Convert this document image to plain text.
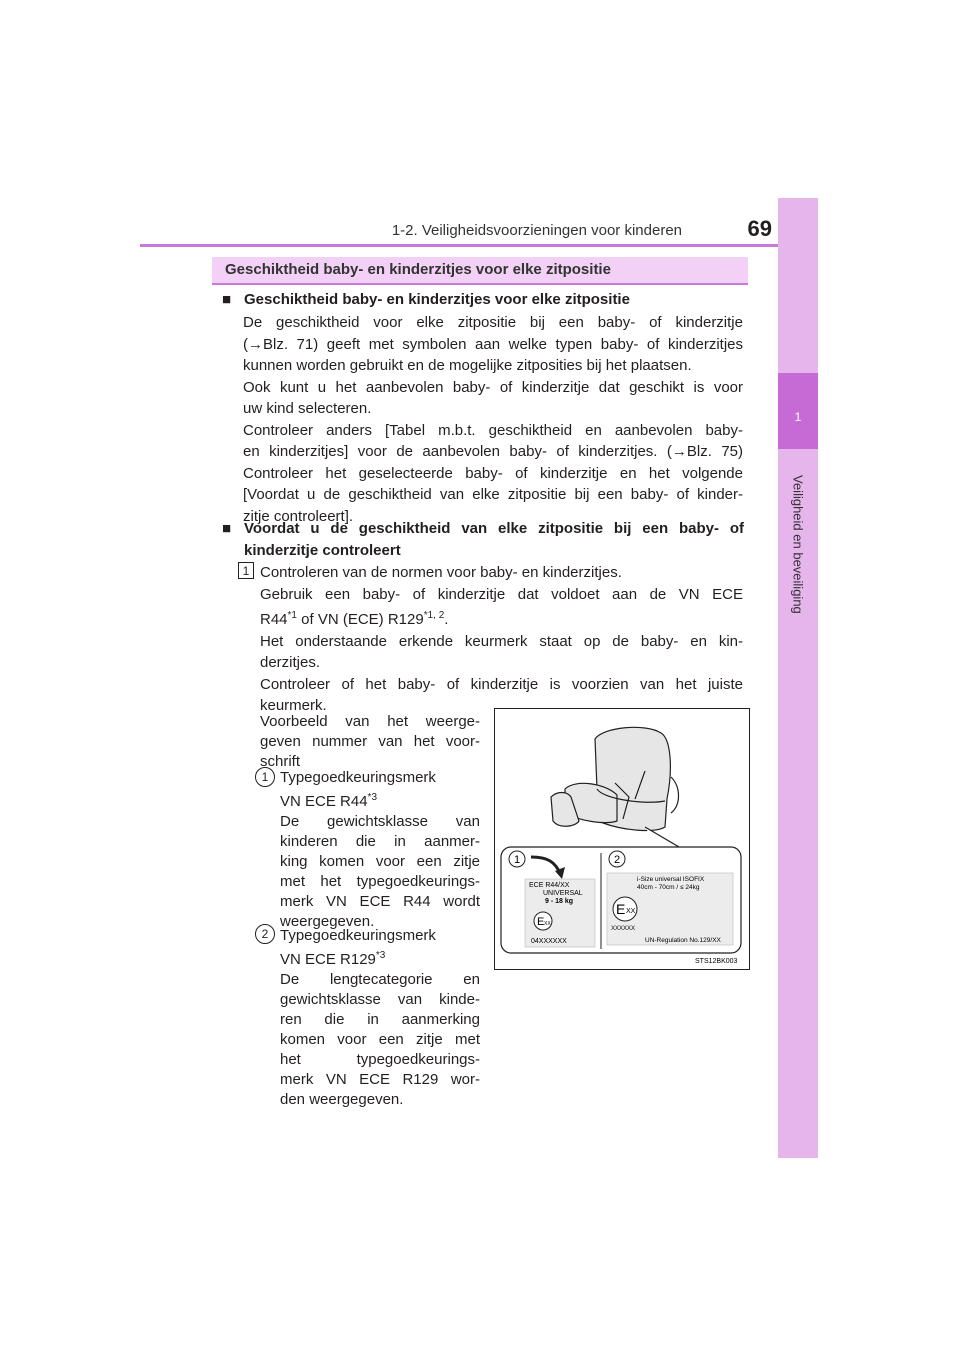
1-2. Veiligheidsvoorzieningen voor kinderen	69
1
Veiligheid en beveiliging
Geschiktheid baby- en kinderzitjes voor elke zitpositie
■ Geschiktheid baby- en kinderzitjes voor elke zitpositie
De geschiktheid voor elke zitpositie bij een baby- of kinderzitje
(→Blz. 71) geeft met symbolen aan welke typen baby- of kinderzitjes
kunnen worden gebruikt en de mogelijke zitposities bij het plaatsen.
Ook kunt u het aanbevolen baby- of kinderzitje dat geschikt is voor
uw kind selecteren.
Controleer anders [Tabel m.b.t. geschiktheid en aanbevolen baby-
en kinderzitjes] voor de aanbevolen baby- of kinderzitjes. (→Blz. 75)
Controleer het geselecteerde baby- of kinderzitje en het volgende
[Voordat u de geschiktheid van elke zitpositie bij een baby- of kinder-
zitje controleert].
■ Voordat u de geschiktheid van elke zitpositie bij een baby- of
kinderzitje controleert
1 Controleren van de normen voor baby- en kinderzitjes.
Gebruik een baby- of kinderzitje dat voldoet aan de VN ECE
R44$^{*1}$ of VN (ECE) R129$^{*1, 2}$.
Het onderstaande erkende keurmerk staat op de baby- en kin-
derzitjes.
Controleer of het baby- of kinderzitje is voorzien van het juiste
keurmerk.
Voorbeeld van het weerge-
geven nummer van het voor-
schrift
1 Typegoedkeuringsmerk
VN ECE R44$^{*3}$
De gewichtsklasse van
kinderen die in aanmer-
king komen voor een zitje
met het typegoedkeurings-
merk VN ECE R44 wordt
weergegeven.
2 Typegoedkeuringsmerk
VN ECE R129$^{*3}$
De lengtecategorie en
gewichtsklasse van kinde-
ren die in aanmerking
komen voor een zitje met
het typegoedkeurings-
merk VN ECE R129 wor-
den weergegeven.
1	2
ECE R44/XX
UNIVERSAL
9 - 18 kg
E XX
04XXXXXX
i-Size universal ISOFIX
40cm - 70cm / ≤ 24kg
E XX
XXXXXX
UN-Regulation No.129/XX
STS12BK003
